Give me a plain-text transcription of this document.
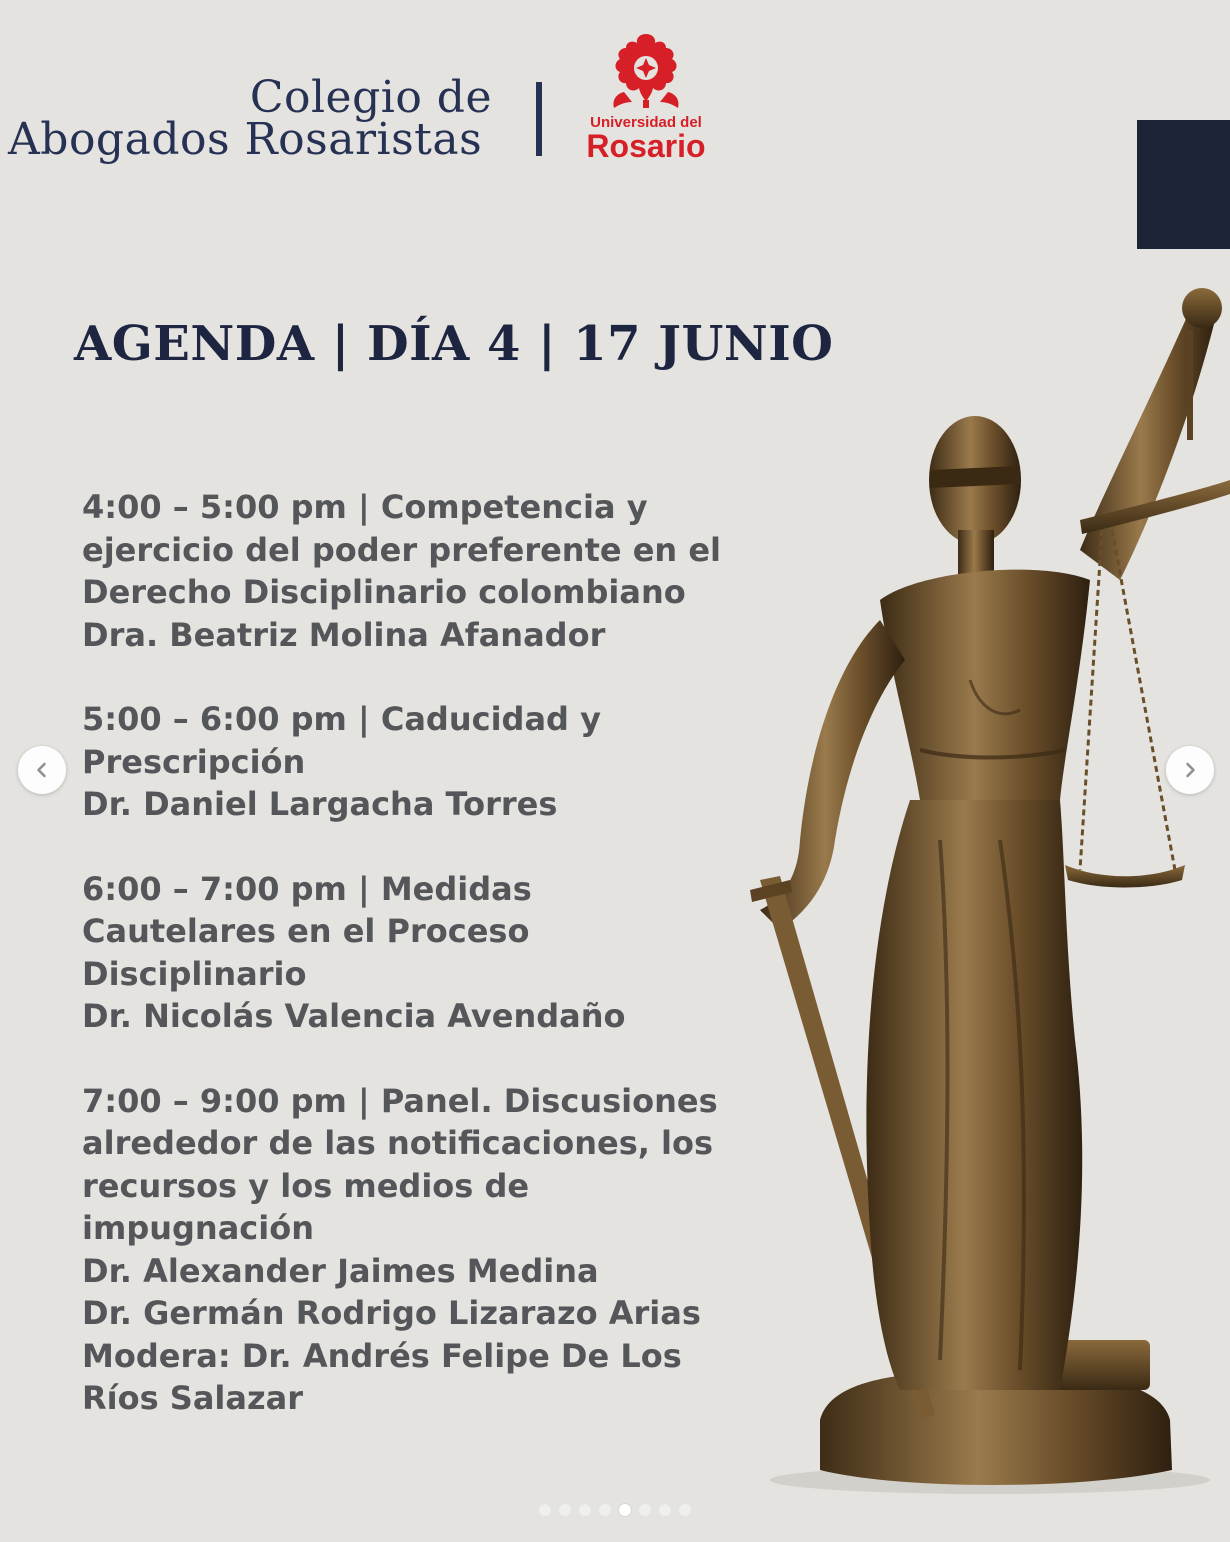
Colegio de
Abogados Rosaristas	Universidad del
Rosario
AGENDA | DÍA 4 | 17 JUNIO
4:00 – 5:00 pm | Competencia y
ejercicio del poder preferente en el
Derecho Disciplinario colombiano
Dra. Beatriz Molina Afanador
5:00 – 6:00 pm | Caducidad y
Prescripción
Dr. Daniel Largacha Torres
6:00 – 7:00 pm | Medidas
Cautelares en el Proceso
Disciplinario
Dr. Nicolás Valencia Avendaño
7:00 – 9:00 pm | Panel. Discusiones
alrededor de las notificaciones, los
recursos y los medios de
impugnación
Dr. Alexander Jaimes Medina
Dr. Germán Rodrigo Lizarazo Arias
Modera: Dr. Andrés Felipe De Los
Ríos Salazar
